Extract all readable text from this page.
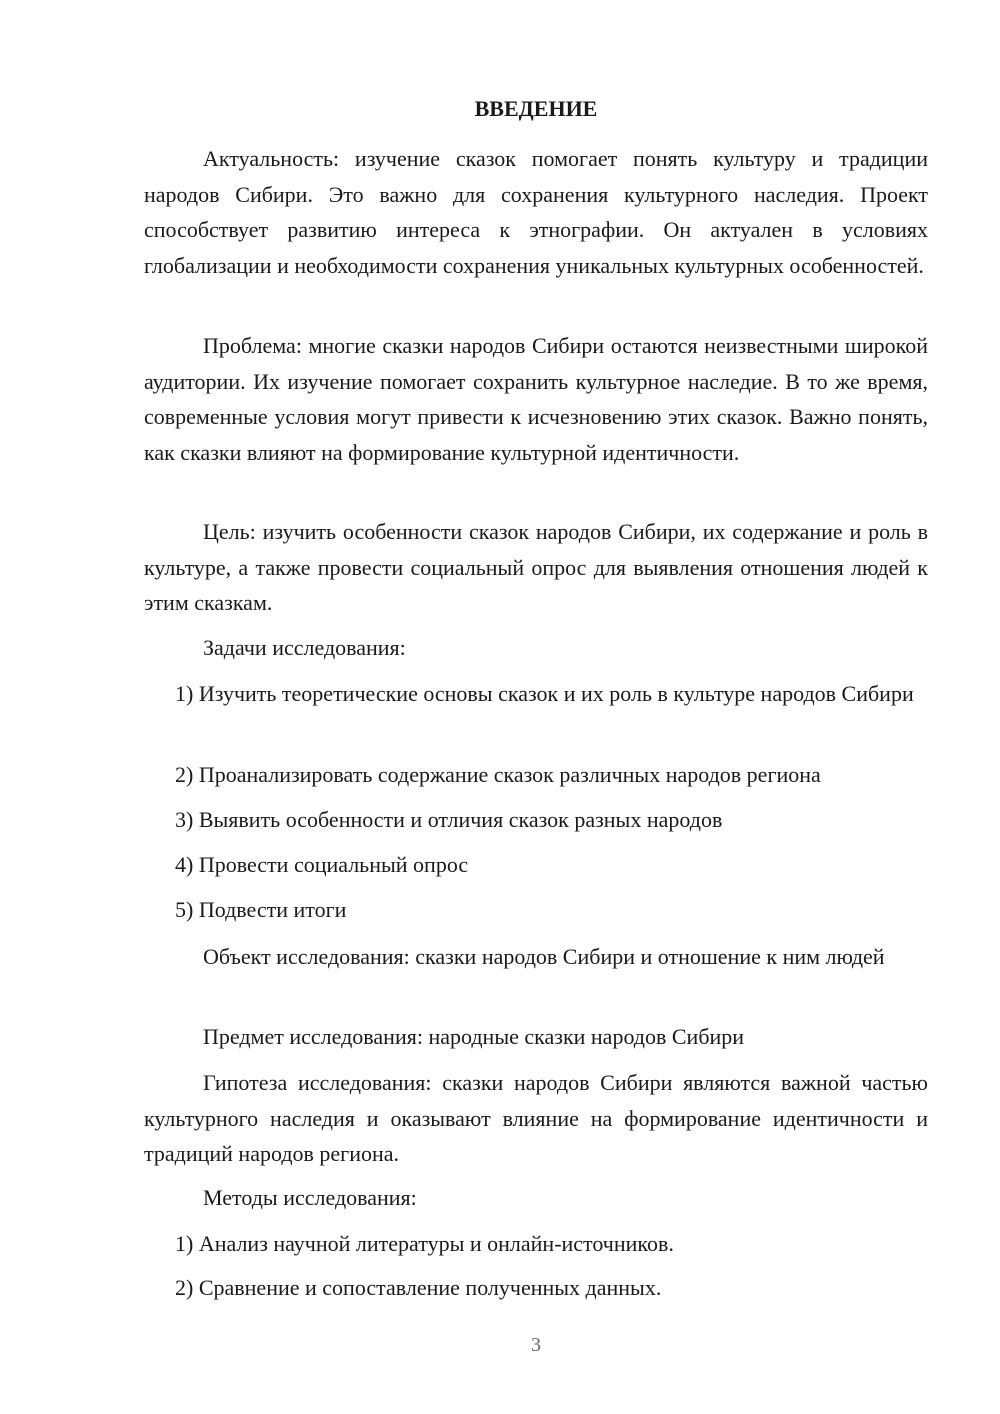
ВВЕДЕНИЕ

Актуальность: изучение сказок помогает понять культуру и традиции народов Сибири. Это важно для сохранения культурного наследия. Проект способствует развитию интереса к этнографии. Он актуален в условиях глобализации и необходимости сохранения уникальных культурных особенностей.

Проблема: многие сказки народов Сибири остаются неизвестными широкой аудитории. Их изучение помогает сохранить культурное наследие. В то же время, современные условия могут привести к исчезновению этих сказок. Важно понять, как сказки влияют на формирование культурной идентичности.

Цель: изучить особенности сказок народов Сибири, их содержание и роль в культуре, а также провести социальный опрос для выявления отношения людей к этим сказкам.

Задачи исследования:

1) Изучить теоретические основы сказок и их роль в культуре народов Сибири

2) Проанализировать содержание сказок различных народов региона

3) Выявить особенности и отличия сказок разных народов

4) Провести социальный опрос

5) Подвести итоги

Объект исследования: сказки народов Сибири и отношение к ним людей

Предмет исследования: народные сказки народов Сибири

Гипотеза исследования: сказки народов Сибири являются важной частью культурного наследия и оказывают влияние на формирование идентичности и традиций народов региона.

Методы исследования:

1) Анализ научной литературы и онлайн-источников.

2) Сравнение и сопоставление полученных данных.

3
